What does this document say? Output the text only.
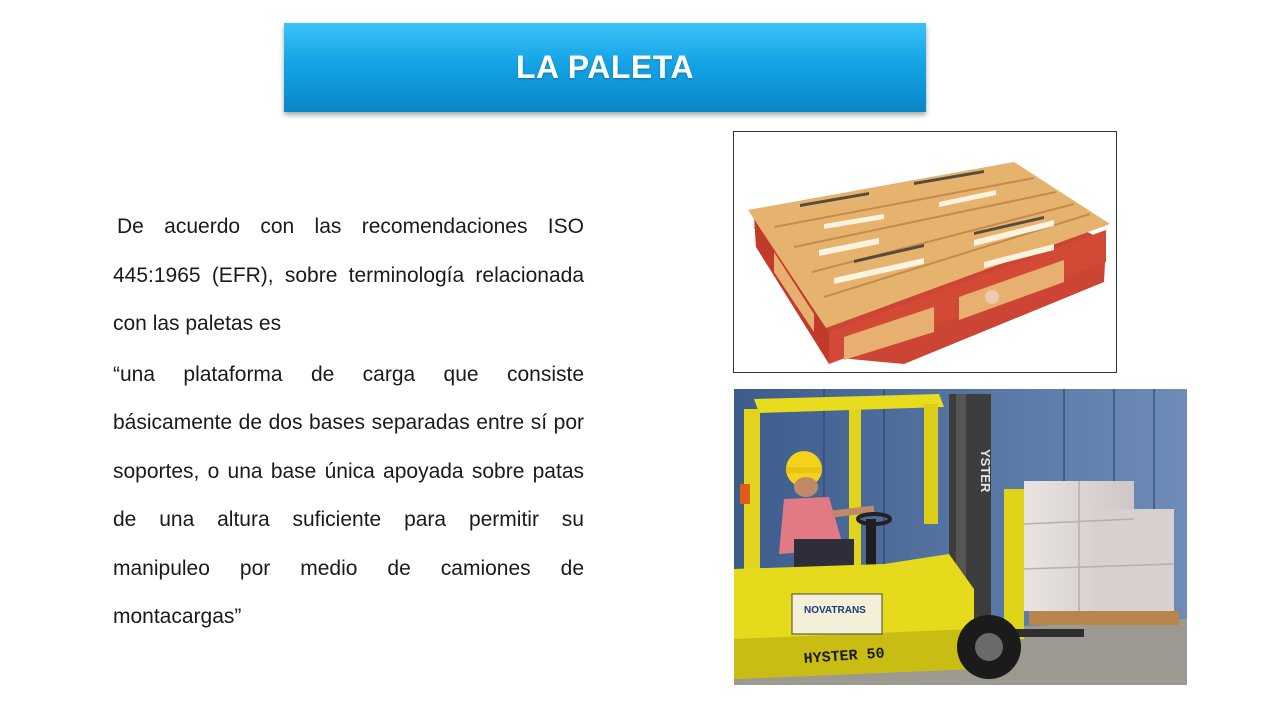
LA PALETA

De acuerdo con las recomendaciones ISO 445:1965 (EFR), sobre terminología relacionada con las paletas es

“una plataforma de carga que consiste básicamente de dos bases separadas entre sí por soportes, o una base única apoyada sobre patas de una altura suficiente para permitir su manipuleo por medio de camiones de montacargas”

YSTER
NOVATRANS
HYSTER 50
